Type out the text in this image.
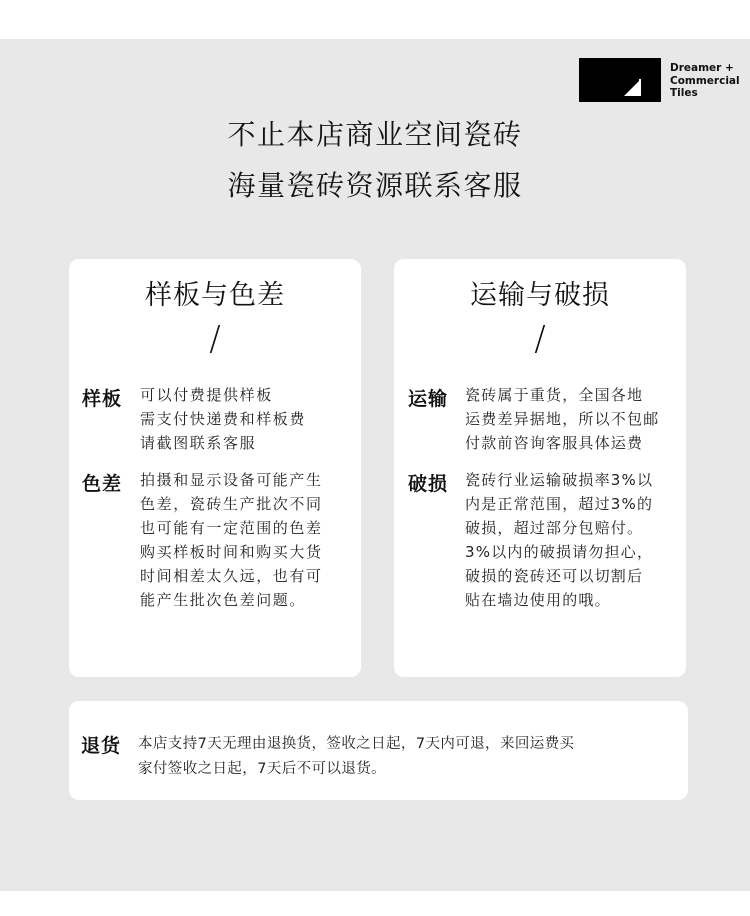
Dreamer +
Commercial
Tiles
不止本店商业空间瓷砖
海量瓷砖资源联系客服
样板与色差
/
样板 可以付费提供样板
需支付快递费和样板费
请截图联系客服
色差 拍摄和显示设备可能产生
色差，瓷砖生产批次不同
也可能有一定范围的色差
购买样板时间和购买大货
时间相差太久远，也有可
能产生批次色差问题。
运输与破损
/
运输 瓷砖属于重货，全国各地
运费差异据地，所以不包邮
付款前咨询客服具体运费
破损 瓷砖行业运输破损率3%以
内是正常范围，超过3%的
破损，超过部分包赔付。
3%以内的破损请勿担心，
破损的瓷砖还可以切割后
贴在墙边使用的哦。
退货 本店支持7天无理由退换货，签收之日起，7天内可退，来回运费买
家付签收之日起，7天后不可以退货。
